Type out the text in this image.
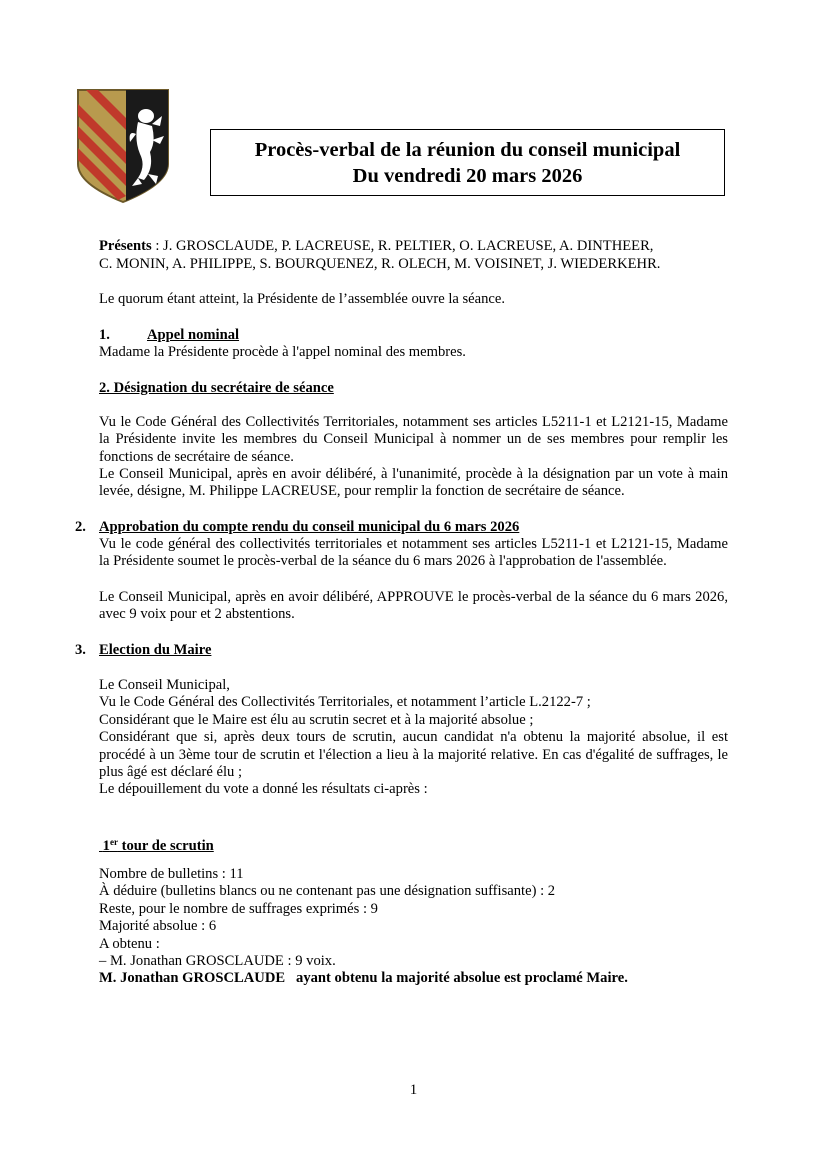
Procès-verbal de la réunion du conseil municipal
Du vendredi 20 mars 2026

Présents : J. GROSCLAUDE, P. LACREUSE, R. PELTIER, O. LACREUSE, A. DINTHEER,

C. MONIN, A. PHILIPPE, S. BOURQUENEZ, R. OLECH, M. VOISINET, J. WIEDERKEHR.

Le quorum étant atteint, la Présidente de l’assemblée ouvre la séance.
1.	Appel nominal
Madame la Présidente procède à l'appel nominal des membres.
2. Désignation du secrétaire de séance
Vu le Code Général des Collectivités Territoriales, notamment ses articles L5211-1 et L2121-15, Madame la Présidente invite les membres du Conseil Municipal à nommer un de ses membres pour remplir les fonctions de secrétaire de séance.
Le Conseil Municipal, après en avoir délibéré, à l'unanimité, procède à la désignation par un vote à main levée, désigne, M. Philippe LACREUSE, pour remplir la fonction de secrétaire de séance.
2. Approbation du compte rendu du conseil municipal du 6 mars 2026
Vu le code général des collectivités territoriales et notamment ses articles L5211-1 et L2121-15, Madame la Présidente soumet le procès-verbal de la séance du 6 mars 2026 à l'approbation de l'assemblée.
Le Conseil Municipal, après en avoir délibéré, APPROUVE le procès-verbal de la séance du 6 mars 2026, avec 9 voix pour et 2 abstentions.
3. Election du Maire

Le Conseil Municipal,

Vu le Code Général des Collectivités Territoriales, et notamment l’article L.2122-7 ;

Considérant que le Maire est élu au scrutin secret et à la majorité absolue ;

Considérant que si, après deux tours de scrutin, aucun candidat n'a obtenu la majorité absolue, il est procédé à un 3ème tour de scrutin et l'élection a lieu à la majorité relative. En cas d'égalité de suffrages, le plus âgé est déclaré élu ;

Le dépouillement du vote a donné les résultats ci-après :

1er tour de scrutin

Nombre de bulletins : 11

À déduire (bulletins blancs ou ne contenant pas une désignation suffisante) : 2

Reste, pour le nombre de suffrages exprimés : 9

Majorité absolue : 6

A obtenu :

– M. Jonathan GROSCLAUDE : 9 voix.

M. Jonathan GROSCLAUDE   ayant obtenu la majorité absolue est proclamé Maire.

1
